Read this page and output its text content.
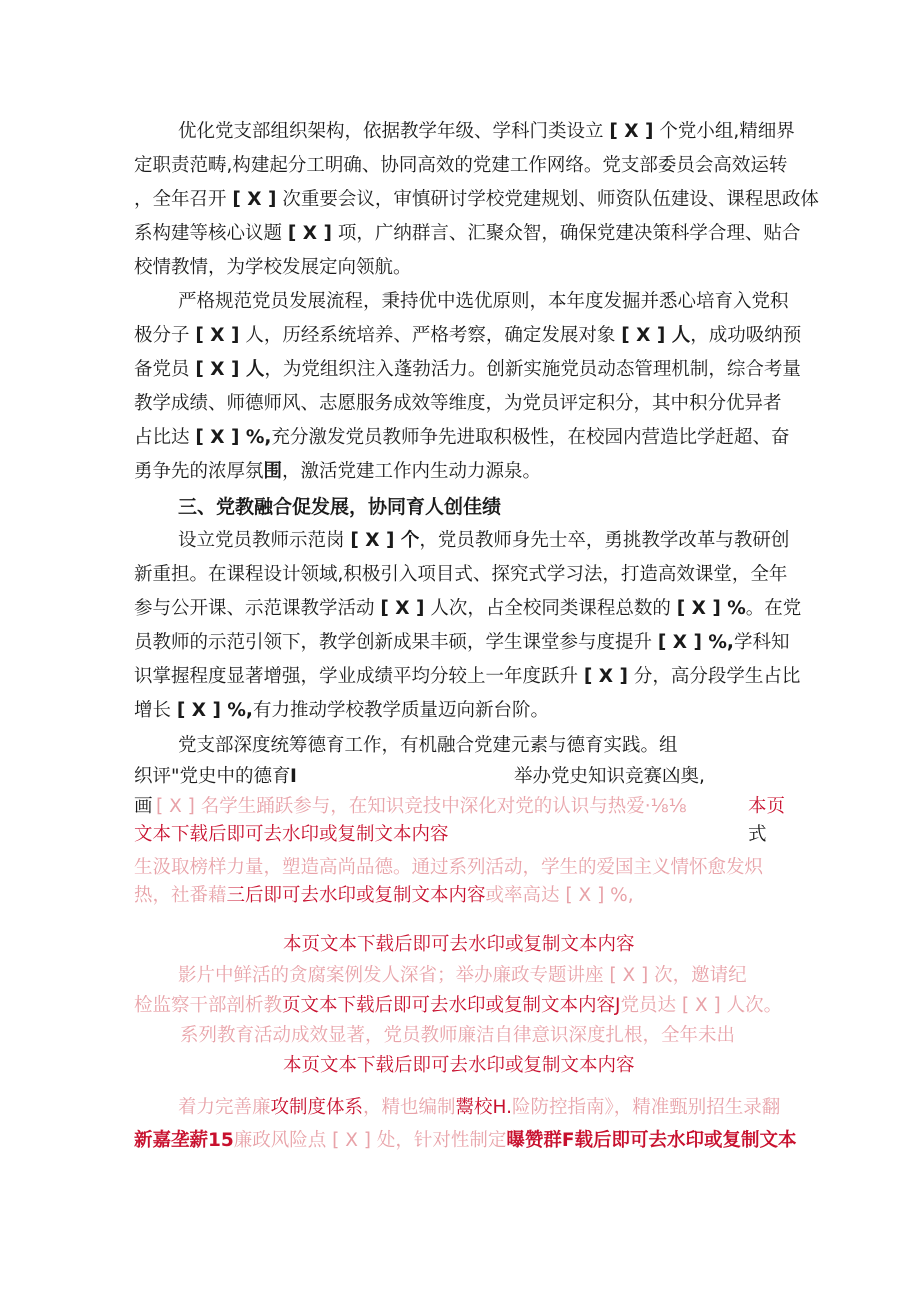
优化党支部组织架构，依据教学年级、学科门类设立 [ X ] 个党小组,精细界
定职责范畴,构建起分工明确、协同高效的党建工作网络。党支部委员会高效运转
，全年召开 [ X ] 次重要会议，审慎研讨学校党建规划、师资队伍建设、课程思政体
系构建等核心议题 [ X ] 项，广纳群言、汇聚众智，确保党建决策科学合理、贴合
校情教情，为学校发展定向领航。
严格规范党员发展流程，秉持优中选优原则，本年度发掘并悉心培育入党积
极分子 [ X ] 人，历经系统培养、严格考察，确定发展对象 [ X ] 人，成功吸纳预
备党员 [ X ] 人，为党组织注入蓬勃活力。创新实施党员动态管理机制，综合考量
教学成绩、师德师风、志愿服务成效等维度，为党员评定积分，其中积分优异者
占比达 [ X ] %,充分激发党员教师争先进取积极性，在校园内营造比学赶超、奋
勇争先的浓厚氛围，激活党建工作内生动力源泉。
三、党教融合促发展，协同育人创佳绩
设立党员教师示范岗 [ X ] 个，党员教师身先士卒，勇挑教学改革与教研创
新重担。在课程设计领域,积极引入项目式、探究式学习法，打造高效课堂，全年
参与公开课、示范课教学活动 [ X ] 人次，占全校同类课程总数的 [ X ] %。在党
员教师的示范引领下，教学创新成果丰硕，学生课堂参与度提升 [ X ] %,学科知
识掌握程度显著增强，学业成绩平均分较上一年度跃升 [ X ] 分，高分段学生占比
增长 [ X ] %,有力推动学校教学质量迈向新台阶。
党支部深度统筹德育工作，有机融合党建元素与德育实践。组
织评"党史中的德育 I	举办党史知识竞赛凶奥,
画 [ X ] 名学生踊跃参与，在知识竞技中深化对党的认识与热爱·⅛⅛	本页
文本下载后即可去水印或复制文本内容	式
生汲取榜样力量，塑造高尚品德。通过系列活动，学生的爱国主义情怀愈发炽
热，社番藉三后即可去水印或复制文本内容或率高达 [ X ] %,
本页文本下载后即可去水印或复制文本内容
影片中鲜活的贪腐案例发人深省；举办廉政专题讲座 [ X ] 次，邀请纪
检监察干部剖析教页文本下载后即可去水印或复制文本内容J党员达 [ X ] 人次。
系列教育活动成效显著，党员教师廉洁自律意识深度扎根，全年未出
本页文本下载后即可去水印或复制文本内容
着力完善廉攻制度体系，精也编制鬻校H.险防控指南》，精准甄别招生录翻
新嘉垄薪15廉政风险点 [ X ] 处，针对性制定曝赞群F载后即可去水印或复制文本
